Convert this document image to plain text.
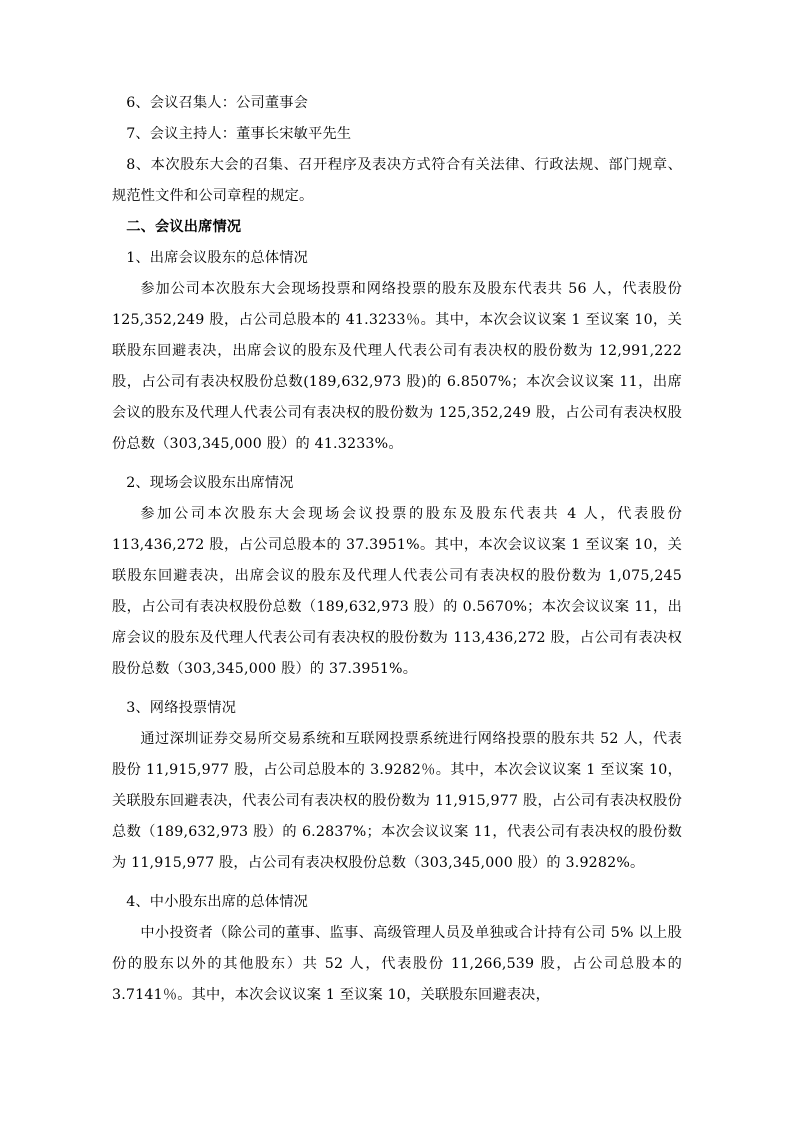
6、会议召集人：公司董事会

7、会议主持人：董事长宋敏平先生

8、本次股东大会的召集、召开程序及表决方式符合有关法律、行政法规、部门规章、规范性文件和公司章程的规定。

二、会议出席情况

1、出席会议股东的总体情况

参加公司本次股东大会现场投票和网络投票的股东及股东代表共 56 人，代表股份 125,352,249 股，占公司总股本的 41.3233％。其中，本次会议议案 1 至议案 10，关联股东回避表决，出席会议的股东及代理人代表公司有表决权的股份数为 12,991,222 股，占公司有表决权股份总数(189,632,973 股)的 6.8507%；本次会议议案 11，出席会议的股东及代理人代表公司有表决权的股份数为 125,352,249 股，占公司有表决权股份总数（303,345,000 股）的 41.3233%。

2、现场会议股东出席情况

参加公司本次股东大会现场会议投票的股东及股东代表共 4 人，代表股份 113,436,272 股，占公司总股本的 37.3951%。其中，本次会议议案 1 至议案 10，关联股东回避表决，出席会议的股东及代理人代表公司有表决权的股份数为 1,075,245 股，占公司有表决权股份总数（189,632,973 股）的 0.5670%；本次会议议案 11，出席会议的股东及代理人代表公司有表决权的股份数为 113,436,272 股，占公司有表决权股份总数（303,345,000 股）的 37.3951%。

3、网络投票情况

通过深圳证券交易所交易系统和互联网投票系统进行网络投票的股东共 52 人，代表股份 11,915,977 股，占公司总股本的 3.9282％。其中，本次会议议案 1 至议案 10，关联股东回避表决，代表公司有表决权的股份数为 11,915,977 股，占公司有表决权股份总数（189,632,973 股）的 6.2837%；本次会议议案 11，代表公司有表决权的股份数为 11,915,977 股，占公司有表决权股份总数（303,345,000 股）的 3.9282%。

4、中小股东出席的总体情况

中小投资者（除公司的董事、监事、高级管理人员及单独或合计持有公司 5% 以上股份的股东以外的其他股东）共 52 人，代表股份 11,266,539 股，占公司总股本的 3.7141％。其中，本次会议议案 1 至议案 10，关联股东回避表决，
